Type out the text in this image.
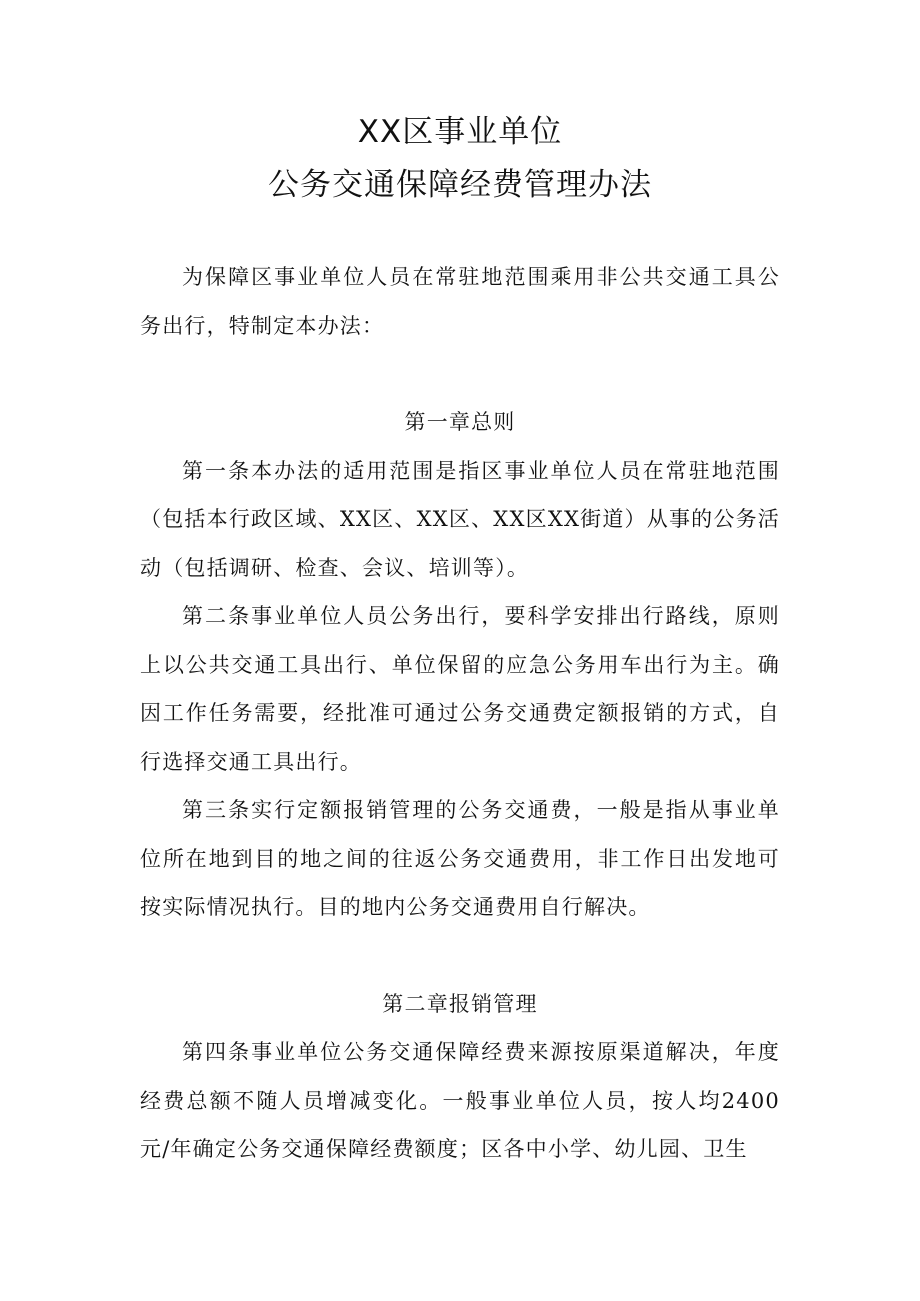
XX区事业单位
公务交通保障经费管理办法

为保障区事业单位人员在常驻地范围乘用非公共交通工具公务出行，特制定本办法：

第一章总则

第一条本办法的适用范围是指区事业单位人员在常驻地范围（包括本行政区域、XX区、XX区、XX区XX街道）从事的公务活动（包括调研、检查、会议、培训等）。

第二条事业单位人员公务出行，要科学安排出行路线，原则上以公共交通工具出行、单位保留的应急公务用车出行为主。确因工作任务需要，经批准可通过公务交通费定额报销的方式，自行选择交通工具出行。

第三条实行定额报销管理的公务交通费，一般是指从事业单位所在地到目的地之间的往返公务交通费用，非工作日出发地可按实际情况执行。目的地内公务交通费用自行解决。

第二章报销管理

第四条事业单位公务交通保障经费来源按原渠道解决，年度经费总额不随人员增减变化。一般事业单位人员，按人均2400元/年确定公务交通保障经费额度；区各中小学、幼儿园、卫生
